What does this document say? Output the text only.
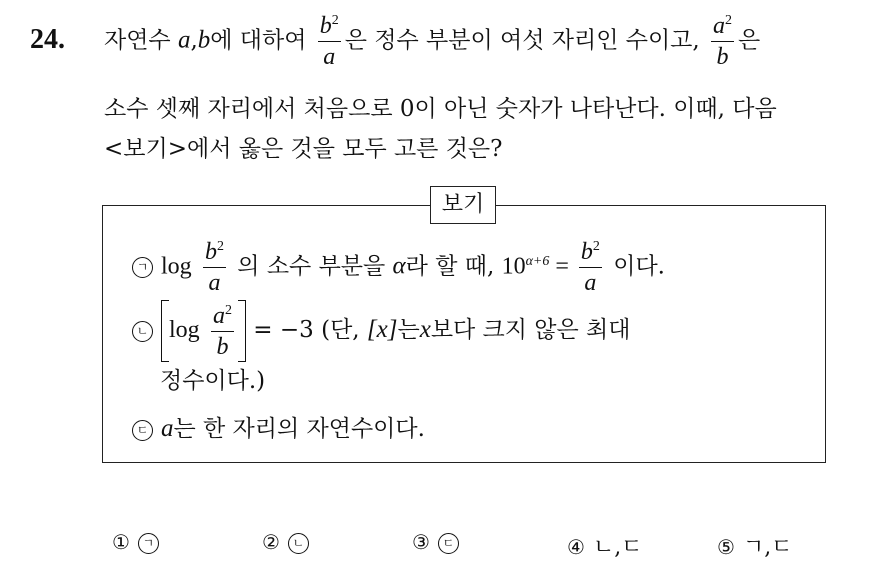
24. 자연수 a,b에 대하여 $\frac{b^2}{a}$ 은 정수 부분이 여섯 자리인 수이고, $\frac{a^2}{b}$ 은
소수 셋째 자리에서 처음으로 0이 아닌 숫자가 나타난다. 이때, 다음
<보기>에서 옳은 것을 모두 고른 것은?
보기
ㄱ $\log \frac{b^2}{a}$ 의 소수 부분을 α라 할 때, $10^{\alpha+6} = \frac{b^2}{a}$ 이다.
ㄴ $\log \frac{a^2}{b} = -3$ (단, [x]는x보다 크지 않은 최대
정수이다.)
ㄷ a는 한 자리의 자연수이다.
① ㄱ	② ㄴ	③ ㄷ	④ ㄴ,ㄷ	⑤ ㄱ,ㄷ
